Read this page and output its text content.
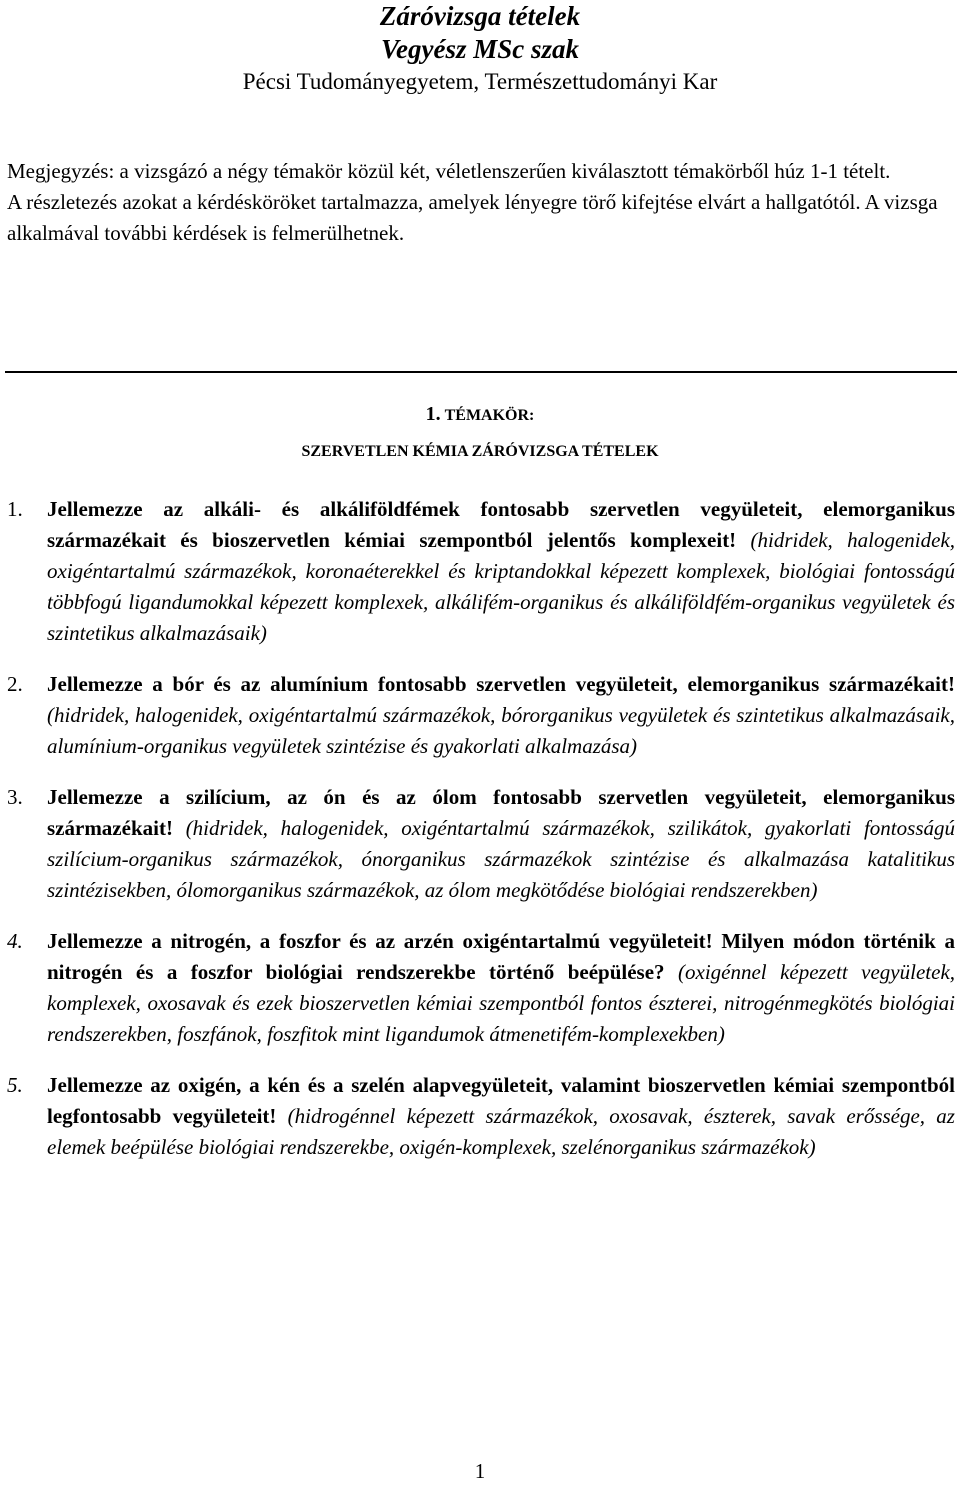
Záróvizsga tételek
Vegyész MSc szak
Pécsi Tudományegyetem, Természettudományi Kar

Megjegyzés: a vizsgázó a négy témakör közül két, véletlenszerűen kiválasztott témakörből húz 1-1 tételt.

A részletezés azokat a kérdésköröket tartalmazza, amelyek lényegre törő kifejtése elvárt a hallgatótól. A vizsga alkalmával további kérdések is felmerülhetnek.

1. TÉMAKÖR:
SZERVETLEN KÉMIA ZÁRÓVIZSGA TÉTELEK
1. Jellemezze az alkáli- és alkáliföldfémek fontosabb szervetlen vegyületeit, elemorganikus származékait és bioszervetlen kémiai szempontból jelentős komplexeit! (hidridek, halogenidek, oxigéntartalmú származékok, koronaéterekkel és kriptandokkal képezett komplexek, biológiai fontosságú többfogú ligandumokkal képezett komplexek, alkálifém-organikus és alkáliföldfém-organikus vegyületek és szintetikus alkalmazásaik)
2. Jellemezze a bór és az alumínium fontosabb szervetlen vegyületeit, elemorganikus származékait! (hidridek, halogenidek, oxigéntartalmú származékok, bórorganikus vegyületek és szintetikus alkalmazásaik, alumínium-organikus vegyületek szintézise és gyakorlati alkalmazása)
3. Jellemezze a szilícium, az ón és az ólom fontosabb szervetlen vegyületeit, elemorganikus származékait! (hidridek, halogenidek, oxigéntartalmú származékok, szilikátok, gyakorlati fontosságú szilícium-organikus származékok, ónorganikus származékok szintézise és alkalmazása katalitikus szintézisekben, ólomorganikus származékok, az ólom megkötődése biológiai rendszerekben)
4. Jellemezze a nitrogén, a foszfor és az arzén oxigéntartalmú vegyületeit! Milyen módon történik a nitrogén és a foszfor biológiai rendszerekbe történő beépülése? (oxigénnel képezett vegyületek, komplexek, oxosavak és ezek bioszervetlen kémiai szempontból fontos észterei, nitrogénmegkötés biológiai rendszerekben, foszfánok, foszfitok mint ligandumok átmenetifém-komplexekben)
5. Jellemezze az oxigén, a kén és a szelén alapvegyületeit, valamint bioszervetlen kémiai szempontból legfontosabb vegyületeit! (hidrogénnel képezett származékok, oxosavak, észterek, savak erőssége, az elemek beépülése biológiai rendszerekbe, oxigén-komplexek, szelénorganikus származékok)
1
